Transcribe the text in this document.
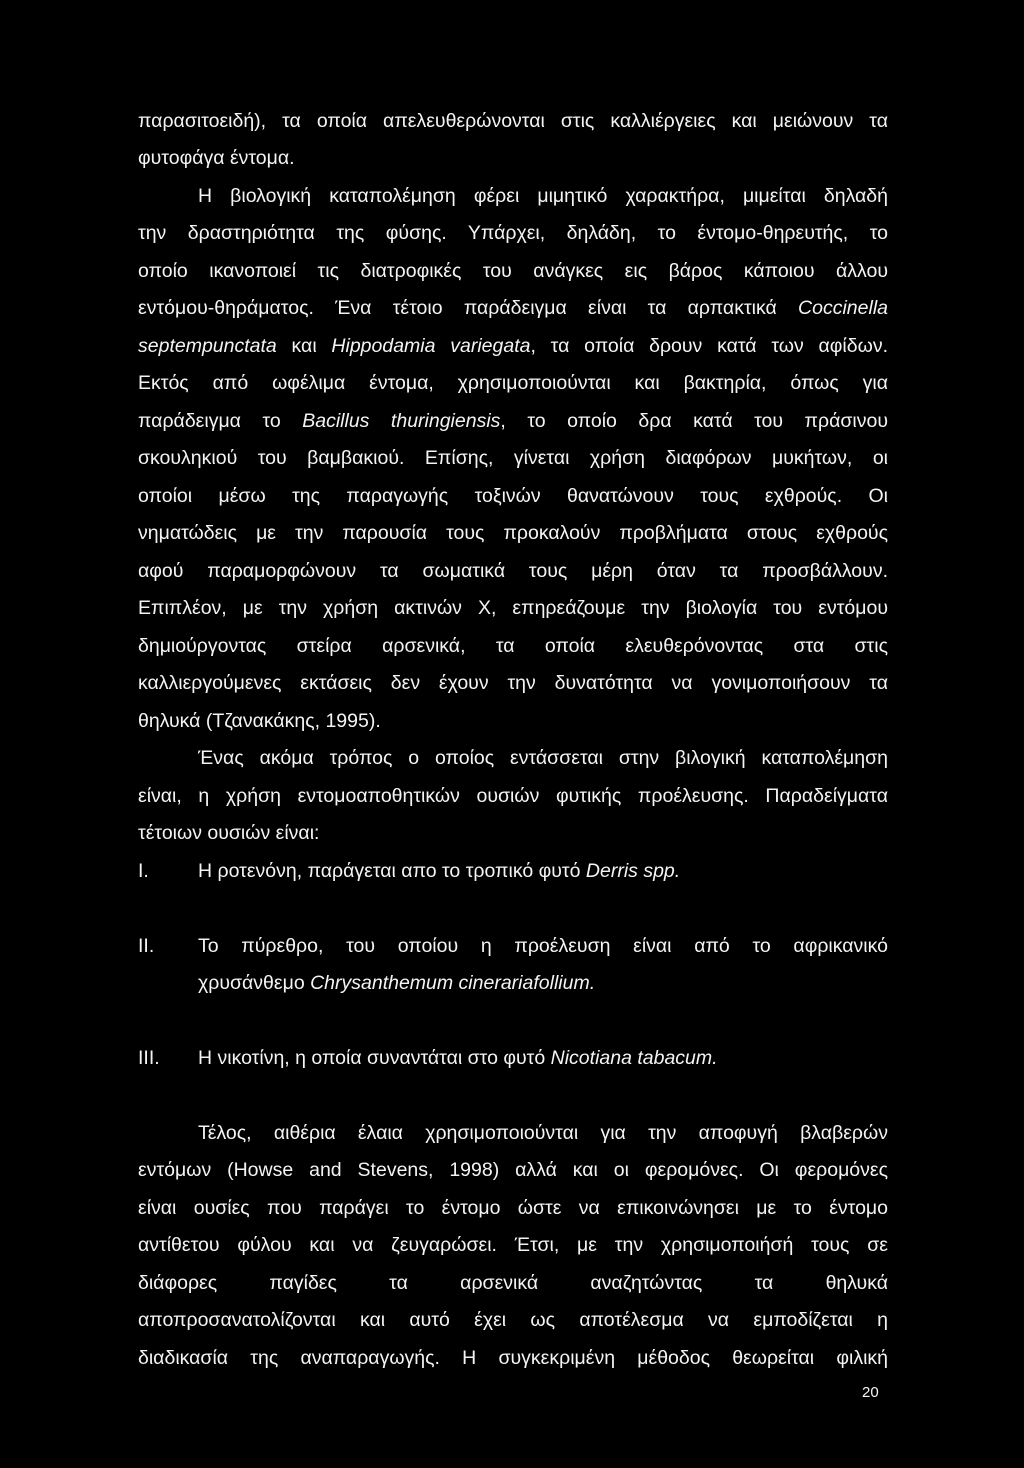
παρασιτοειδή), τα οποία απελευθερώνονται στις καλλιέργειες και μειώνουν τα
φυτοφάγα έντομα.
Η βιολογική καταπολέμηση φέρει μιμητικό χαρακτήρα, μιμείται δηλαδή
την δραστηριότητα της φύσης. Υπάρχει, δηλάδη, το έντομο-θηρευτής, το
οποίο ικανοποιεί τις διατροφικές του ανάγκες εις βάρος κάποιου άλλου
εντόμου-θηράματος. Ένα τέτοιο παράδειγμα είναι τα αρπακτικά Coccinella
septempunctata και Hippodamia variegata, τα οποία δρουν κατά των αφίδων.
Εκτός από ωφέλιμα έντομα, χρησιμοποιούνται και βακτηρία, όπως για
παράδειγμα το Bacillus thuringiensis, το οποίο δρα κατά του πράσινου
σκουληκιού του βαμβακιού. Επίσης, γίνεται χρήση διαφόρων μυκήτων, οι
οποίοι μέσω της παραγωγής τοξινών θανατώνουν τους εχθρούς. Οι
νηματώδεις με την παρουσία τους προκαλούν προβλήματα στους εχθρούς
αφού παραμορφώνουν τα σωματικά τους μέρη όταν τα προσβάλλουν.
Επιπλέον, με την χρήση ακτινών Χ, επηρεάζουμε την βιολογία του εντόμου
δημιούργοντας στείρα αρσενικά, τα οποία ελευθερόνοντας στα στις
καλλιεργούμενες εκτάσεις δεν έχουν την δυνατότητα να γονιμοποιήσουν τα
θηλυκά (Τζανακάκης, 1995).
Ένας ακόμα τρόπος ο οποίος εντάσσεται στην βιλογική καταπολέμηση
είναι, η χρήση εντομοαποθητικών ουσιών φυτικής προέλευσης. Παραδείγματα
τέτοιων ουσιών είναι:
I.	Η ροτενόνη, παράγεται απο το τροπικό φυτό Derris spp.
II. Το πύρεθρο, του οποίου η προέλευση είναι από το αφρικανικό
χρυσάνθεμο Chrysanthemum cinerariafollium.
III. Η νικοτίνη, η οποία συναντάται στο φυτό Nicotiana tabacum.
Τέλος, αιθέρια έλαια χρησιμοποιούνται για την αποφυγή βλαβερών
εντόμων (Howse and Stevens, 1998) αλλά και οι φερομόνες. Οι φερομόνες
είναι ουσίες που παράγει το έντομο ώστε να επικοινώνησει με το έντομο
αντίθετου φύλου και να ζευγαρώσει. Έτσι, με την χρησιμοποιήσή τους σε
διάφορες παγίδες τα αρσενικά αναζητώντας τα θηλυκά
αποπροσανατολίζονται και αυτό έχει ως αποτέλεσμα να εμποδίζεται η
διαδικασία της αναπαραγωγής. Η συγκεκριμένη μέθοδος θεωρείται φιλική
20
